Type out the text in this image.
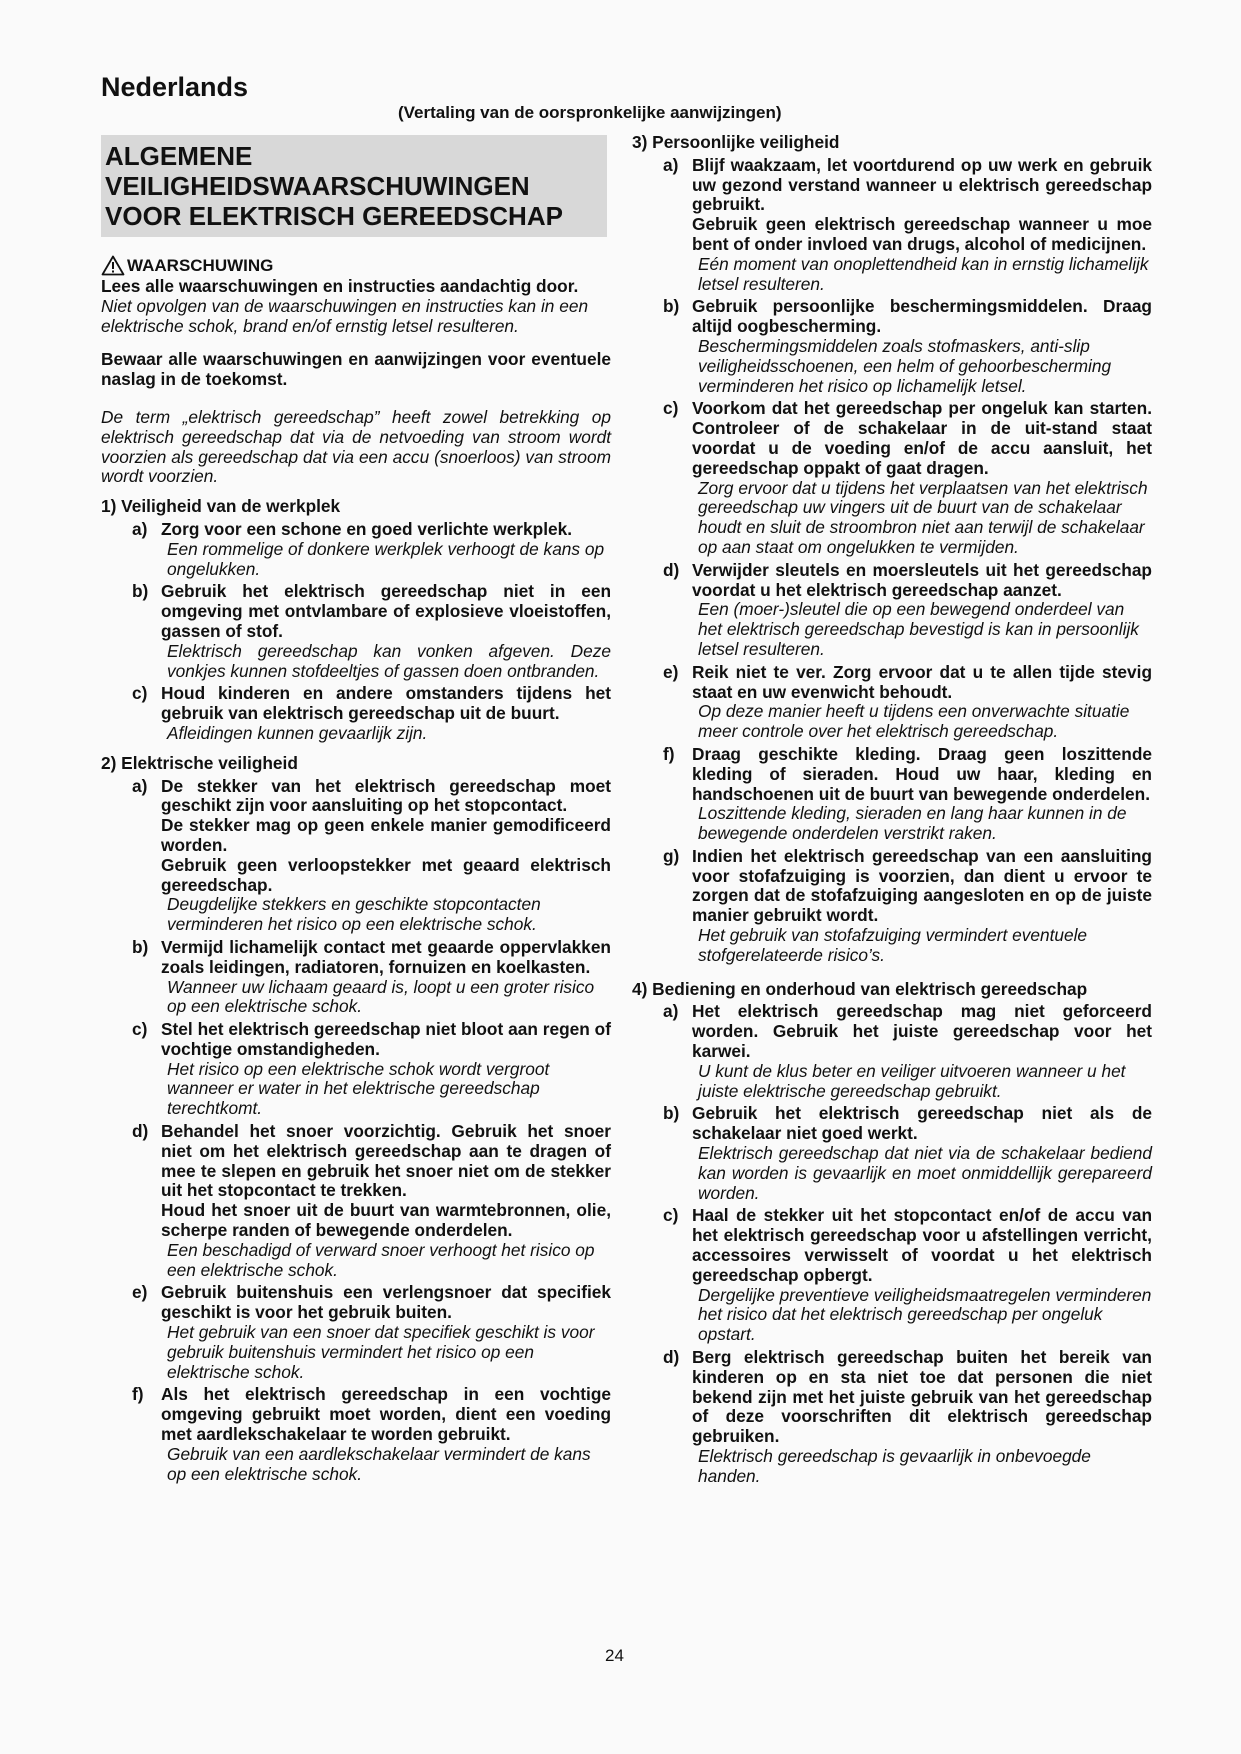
Nederlands
(Vertaling van de oorspronkelijke aanwijzingen)
ALGEMENE VEILIGHEIDSWAARSCHUWINGEN VOOR ELEKTRISCH GEREEDSCHAP
WAARSCHUWING

Lees alle waarschuwingen en instructies aandachtig door.

Niet opvolgen van de waarschuwingen en instructies kan in een elektrische schok, brand en/of ernstig letsel resulteren.

Bewaar alle waarschuwingen en aanwijzingen voor eventuele naslag in de toekomst.

De term „elektrisch gereedschap” heeft zowel betrekking op elektrisch gereedschap dat via de netvoeding van stroom wordt voorzien als gereedschap dat via een accu (snoerloos) van stroom wordt voorzien.

1) Veiligheid van de werkplek

a) Zorg voor een schone en goed verlichte werkplek.

Een rommelige of donkere werkplek verhoogt de kans op ongelukken.

b) Gebruik het elektrisch gereedschap niet in een omgeving met ontvlambare of explosieve vloeistoffen, gassen of stof.

Elektrisch gereedschap kan vonken afgeven. Deze vonkjes kunnen stofdeeltjes of gassen doen ontbranden.

c) Houd kinderen en andere omstanders tijdens het gebruik van elektrisch gereedschap uit de buurt.

Afleidingen kunnen gevaarlijk zijn.

2) Elektrische veiligheid

a) De stekker van het elektrisch gereedschap moet geschikt zijn voor aansluiting op het stopcontact.

De stekker mag op geen enkele manier gemodificeerd worden.

Gebruik geen verloopstekker met geaard elektrisch gereedschap.

Deugdelijke stekkers en geschikte stopcontacten verminderen het risico op een elektrische schok.

b) Vermijd lichamelijk contact met geaarde oppervlakken zoals leidingen, radiatoren, fornuizen en koelkasten.

Wanneer uw lichaam geaard is, loopt u een groter risico op een elektrische schok.

c) Stel het elektrisch gereedschap niet bloot aan regen of vochtige omstandigheden.

Het risico op een elektrische schok wordt vergroot wanneer er water in het elektrische gereedschap terechtkomt.

d) Behandel het snoer voorzichtig. Gebruik het snoer niet om het elektrisch gereedschap aan te dragen of mee te slepen en gebruik het snoer niet om de stekker uit het stopcontact te trekken.

Houd het snoer uit de buurt van warmtebronnen, olie, scherpe randen of bewegende onderdelen.

Een beschadigd of verward snoer verhoogt het risico op een elektrische schok.

e) Gebruik buitenshuis een verlengsnoer dat specifiek geschikt is voor het gebruik buiten.

Het gebruik van een snoer dat specifiek geschikt is voor gebruik buitenshuis vermindert het risico op een elektrische schok.

f)	Als het elektrisch gereedschap in een vochtige omgeving gebruikt moet worden, dient een voeding met aardlekschakelaar te worden gebruikt.

Gebruik van een aardlekschakelaar vermindert de kans op een elektrische schok.

3) Persoonlijke veiligheid

a) Blijf waakzaam, let voortdurend op uw werk en gebruik uw gezond verstand wanneer u elektrisch gereedschap gebruikt.

Gebruik geen elektrisch gereedschap wanneer u moe bent of onder invloed van drugs, alcohol of medicijnen.

Eén moment van onoplettendheid kan in ernstig lichamelijk letsel resulteren.

b) Gebruik persoonlijke beschermingsmiddelen. Draag altijd oogbescherming.

Beschermingsmiddelen zoals stofmaskers, anti-slip veiligheidsschoenen, een helm of gehoorbescherming verminderen het risico op lichamelijk letsel.

c) Voorkom dat het gereedschap per ongeluk kan starten. Controleer of de schakelaar in de uit-stand staat voordat u de voeding en/of de accu aansluit, het gereedschap oppakt of gaat dragen.

Zorg ervoor dat u tijdens het verplaatsen van het elektrisch gereedschap uw vingers uit de buurt van de schakelaar houdt en sluit de stroombron niet aan terwijl de schakelaar op aan staat om ongelukken te vermijden.

d) Verwijder sleutels en moersleutels uit het gereedschap voordat u het elektrisch gereedschap aanzet.

Een (moer-)sleutel die op een bewegend onderdeel van het elektrisch gereedschap bevestigd is kan in persoonlijk letsel resulteren.

e) Reik niet te ver. Zorg ervoor dat u te allen tijde stevig staat en uw evenwicht behoudt.

Op deze manier heeft u tijdens een onverwachte situatie meer controle over het elektrisch gereedschap.

f)	Draag geschikte kleding. Draag geen loszittende kleding of sieraden. Houd uw haar, kleding en handschoenen uit de buurt van bewegende onderdelen.

Loszittende kleding, sieraden en lang haar kunnen in de bewegende onderdelen verstrikt raken.

g) Indien het elektrisch gereedschap van een aansluiting voor stofafzuiging is voorzien, dan dient u ervoor te zorgen dat de stofafzuiging aangesloten en op de juiste manier gebruikt wordt.

Het gebruik van stofafzuiging vermindert eventuele stofgerelateerde risico’s.

4) Bediening en onderhoud van elektrisch gereedschap

a) Het elektrisch gereedschap mag niet geforceerd worden. Gebruik het juiste gereedschap voor het karwei.

U kunt de klus beter en veiliger uitvoeren wanneer u het juiste elektrische gereedschap gebruikt.

b) Gebruik het elektrisch gereedschap niet als de schakelaar niet goed werkt.

Elektrisch gereedschap dat niet via de schakelaar bediend kan worden is gevaarlijk en moet onmiddellijk gerepareerd worden.

c) Haal de stekker uit het stopcontact en/of de accu van het elektrisch gereedschap voor u afstellingen verricht, accessoires verwisselt of voordat u het elektrisch gereedschap opbergt.

Dergelijke preventieve veiligheidsmaatregelen verminderen het risico dat het elektrisch gereedschap per ongeluk opstart.

d) Berg elektrisch gereedschap buiten het bereik van kinderen op en sta niet toe dat personen die niet bekend zijn met het juiste gebruik van het gereedschap of deze voorschriften dit elektrisch gereedschap gebruiken.

Elektrisch gereedschap is gevaarlijk in onbevoegde handen.

24
